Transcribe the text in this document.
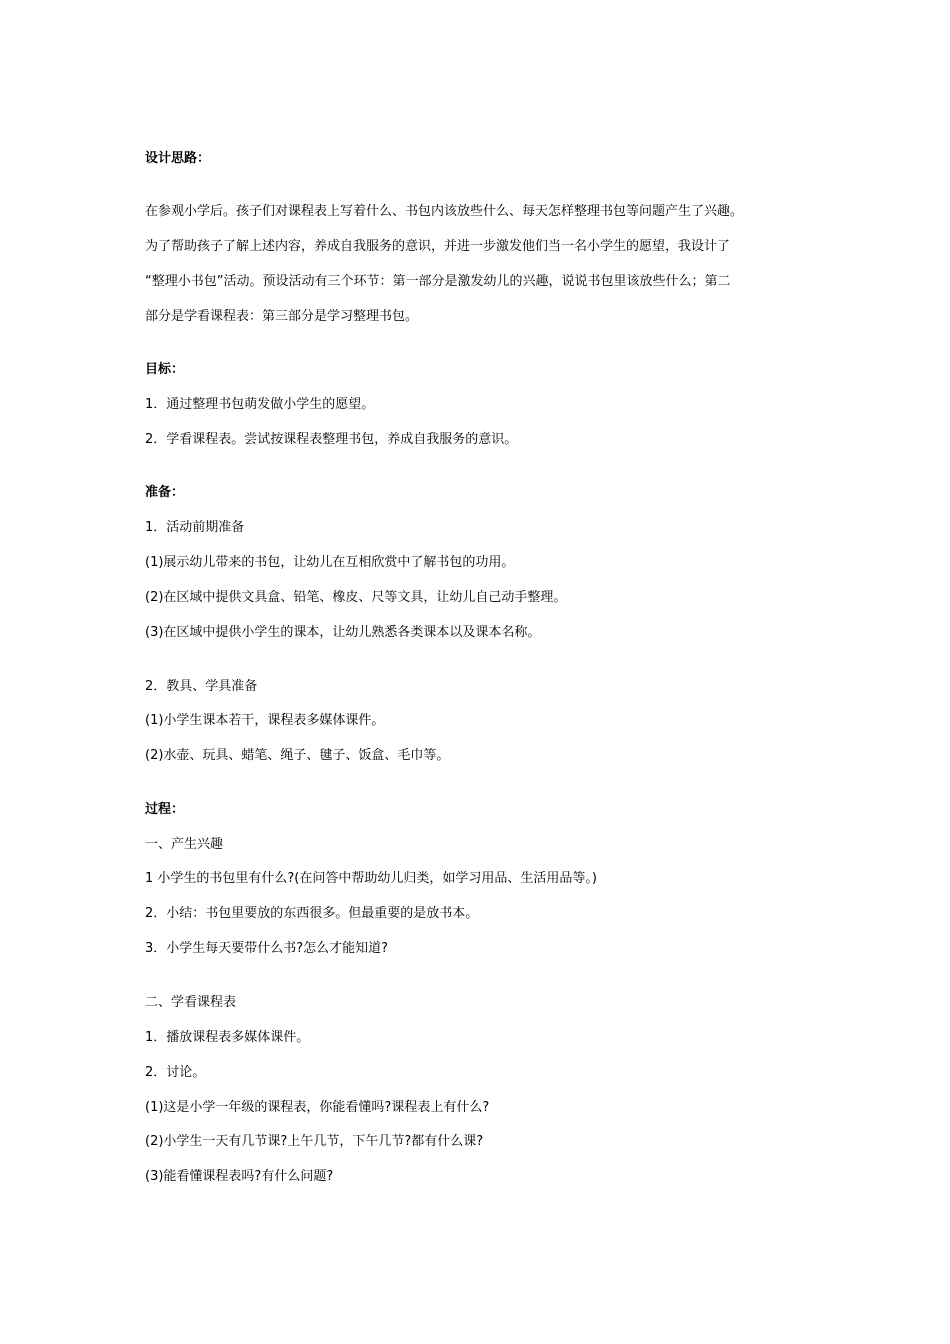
设计思路：
在参观小学后。孩子们对课程表上写着什么、书包内该放些什么、每天怎样整理书包等问题产生了兴趣。
为了帮助孩子了解上述内容，养成自我服务的意识，并进一步激发他们当一名小学生的愿望，我设计了
“整理小书包”活动。预设活动有三个环节：第一部分是激发幼儿的兴趣，说说书包里该放些什么；第二
部分是学看课程表：第三部分是学习整理书包。
目标：
1．通过整理书包萌发做小学生的愿望。
2．学看课程表。尝试按课程表整理书包，养成自我服务的意识。
准备：
1．活动前期准备
(1)展示幼儿带来的书包，让幼儿在互相欣赏中了解书包的功用。
(2)在区域中提供文具盒、铅笔、橡皮、尺等文具，让幼儿自己动手整理。
(3)在区域中提供小学生的课本，让幼儿熟悉各类课本以及课本名称。
2．教具、学具准备
(1)小学生课本若干，课程表多媒体课件。
(2)水壶、玩具、蜡笔、绳子、毽子、饭盒、毛巾等。
过程：
一、产生兴趣
1 小学生的书包里有什么?(在问答中帮助幼儿归类，如学习用品、生活用品等。)
2．小结：书包里要放的东西很多。但最重要的是放书本。
3．小学生每天要带什么书?怎么才能知道?
二、学看课程表
1．播放课程表多媒体课件。
2．讨论。
(1)这是小学一年级的课程表，你能看懂吗?课程表上有什么?
(2)小学生一天有几节课?上午几节，下午几节?都有什么课?
(3)能看懂课程表吗?有什么问题?
